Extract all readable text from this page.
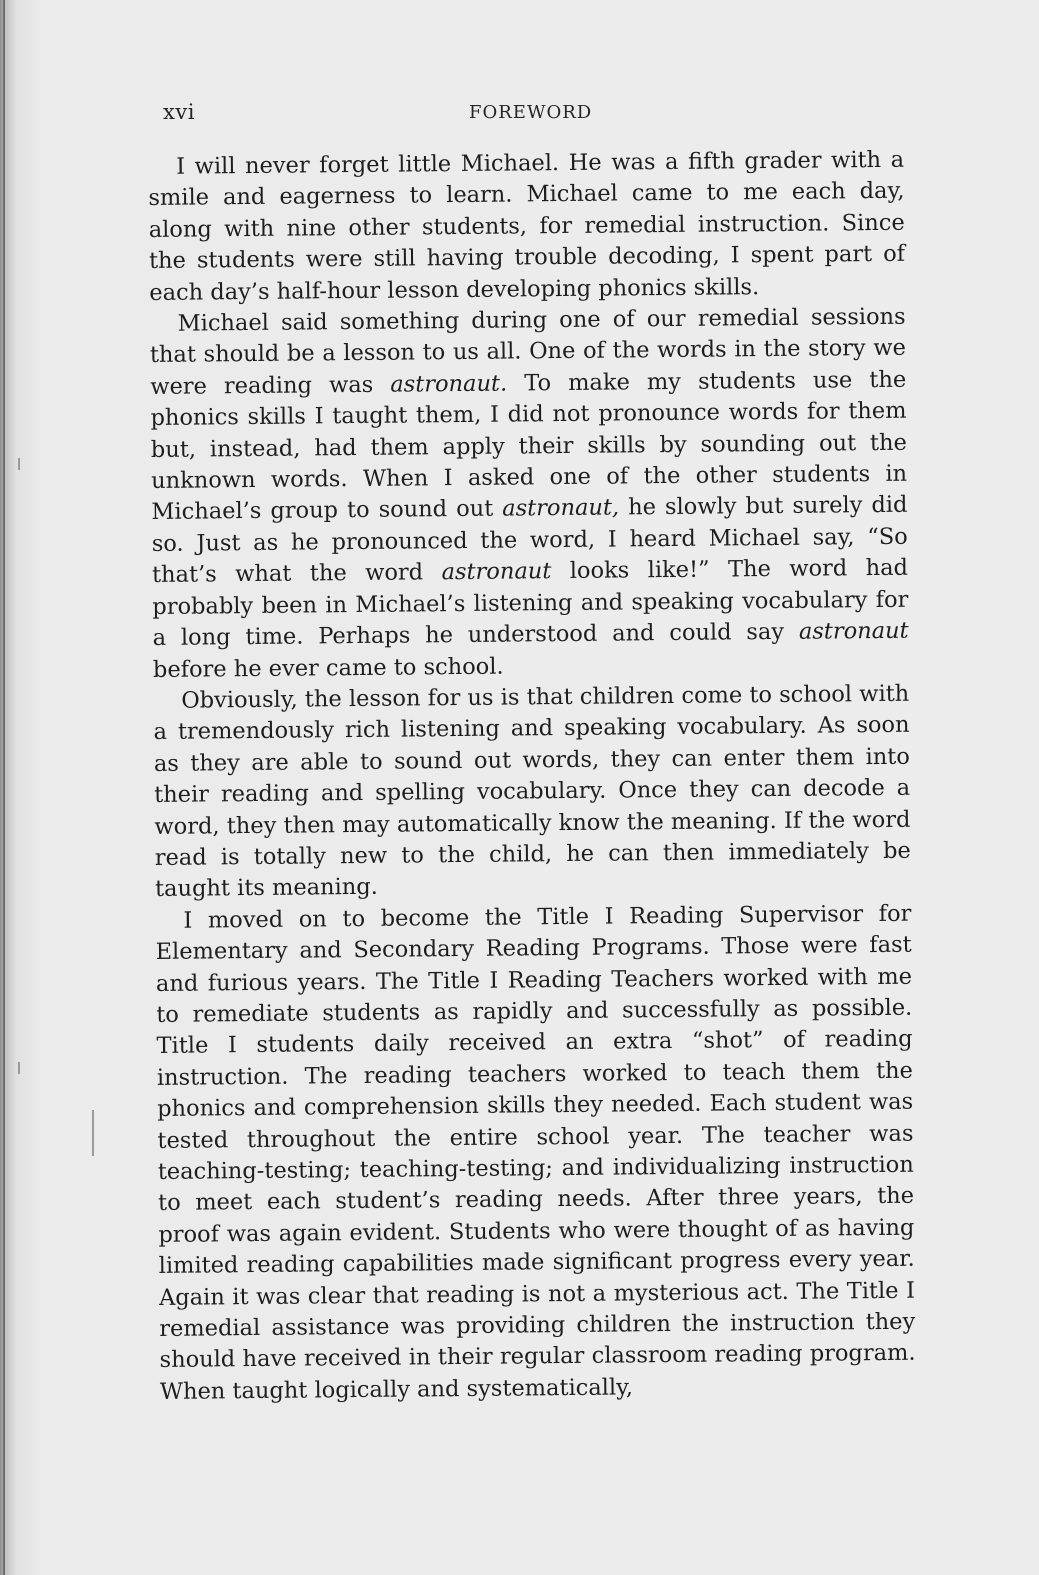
xvi	FOREWORD

I will never forget little Michael. He was a fifth grader with a smile and eagerness to learn. Michael came to me each day, along with nine other students, for remedial instruction. Since the students were still having trouble decoding, I spent part of each day’s half-hour lesson developing phonics skills.

Michael said something during one of our remedial sessions that should be a lesson to us all. One of the words in the story we were reading was astronaut. To make my students use the phonics skills I taught them, I did not pronounce words for them but, instead, had them apply their skills by sounding out the unknown words. When I asked one of the other students in Michael’s group to sound out astronaut, he slowly but surely did so. Just as he pronounced the word, I heard Michael say, “So that’s what the word astronaut looks like!” The word had probably been in Michael’s listening and speaking vocabulary for a long time. Perhaps he understood and could say astronaut before he ever came to school.

Obviously, the lesson for us is that children come to school with a tremendously rich listening and speaking vocabulary. As soon as they are able to sound out words, they can enter them into their reading and spelling vocabulary. Once they can decode a word, they then may automatically know the meaning. If the word read is totally new to the child, he can then immediately be taught its meaning.

I moved on to become the Title I Reading Supervisor for Elementary and Secondary Reading Programs. Those were fast and furious years. The Title I Reading Teachers worked with me to remediate students as rapidly and successfully as possible. Title I students daily received an extra “shot” of reading instruction. The reading teachers worked to teach them the phonics and comprehension skills they needed. Each student was tested throughout the entire school year. The teacher was teaching-testing; teaching-testing; and individualizing instruction to meet each student’s reading needs. After three years, the proof was again evident. Students who were thought of as having limited reading capabilities made significant progress every year. Again it was clear that reading is not a mysterious act. The Title I remedial assistance was providing children the instruction they should have received in their regular classroom reading program. When taught logically and systematically,
